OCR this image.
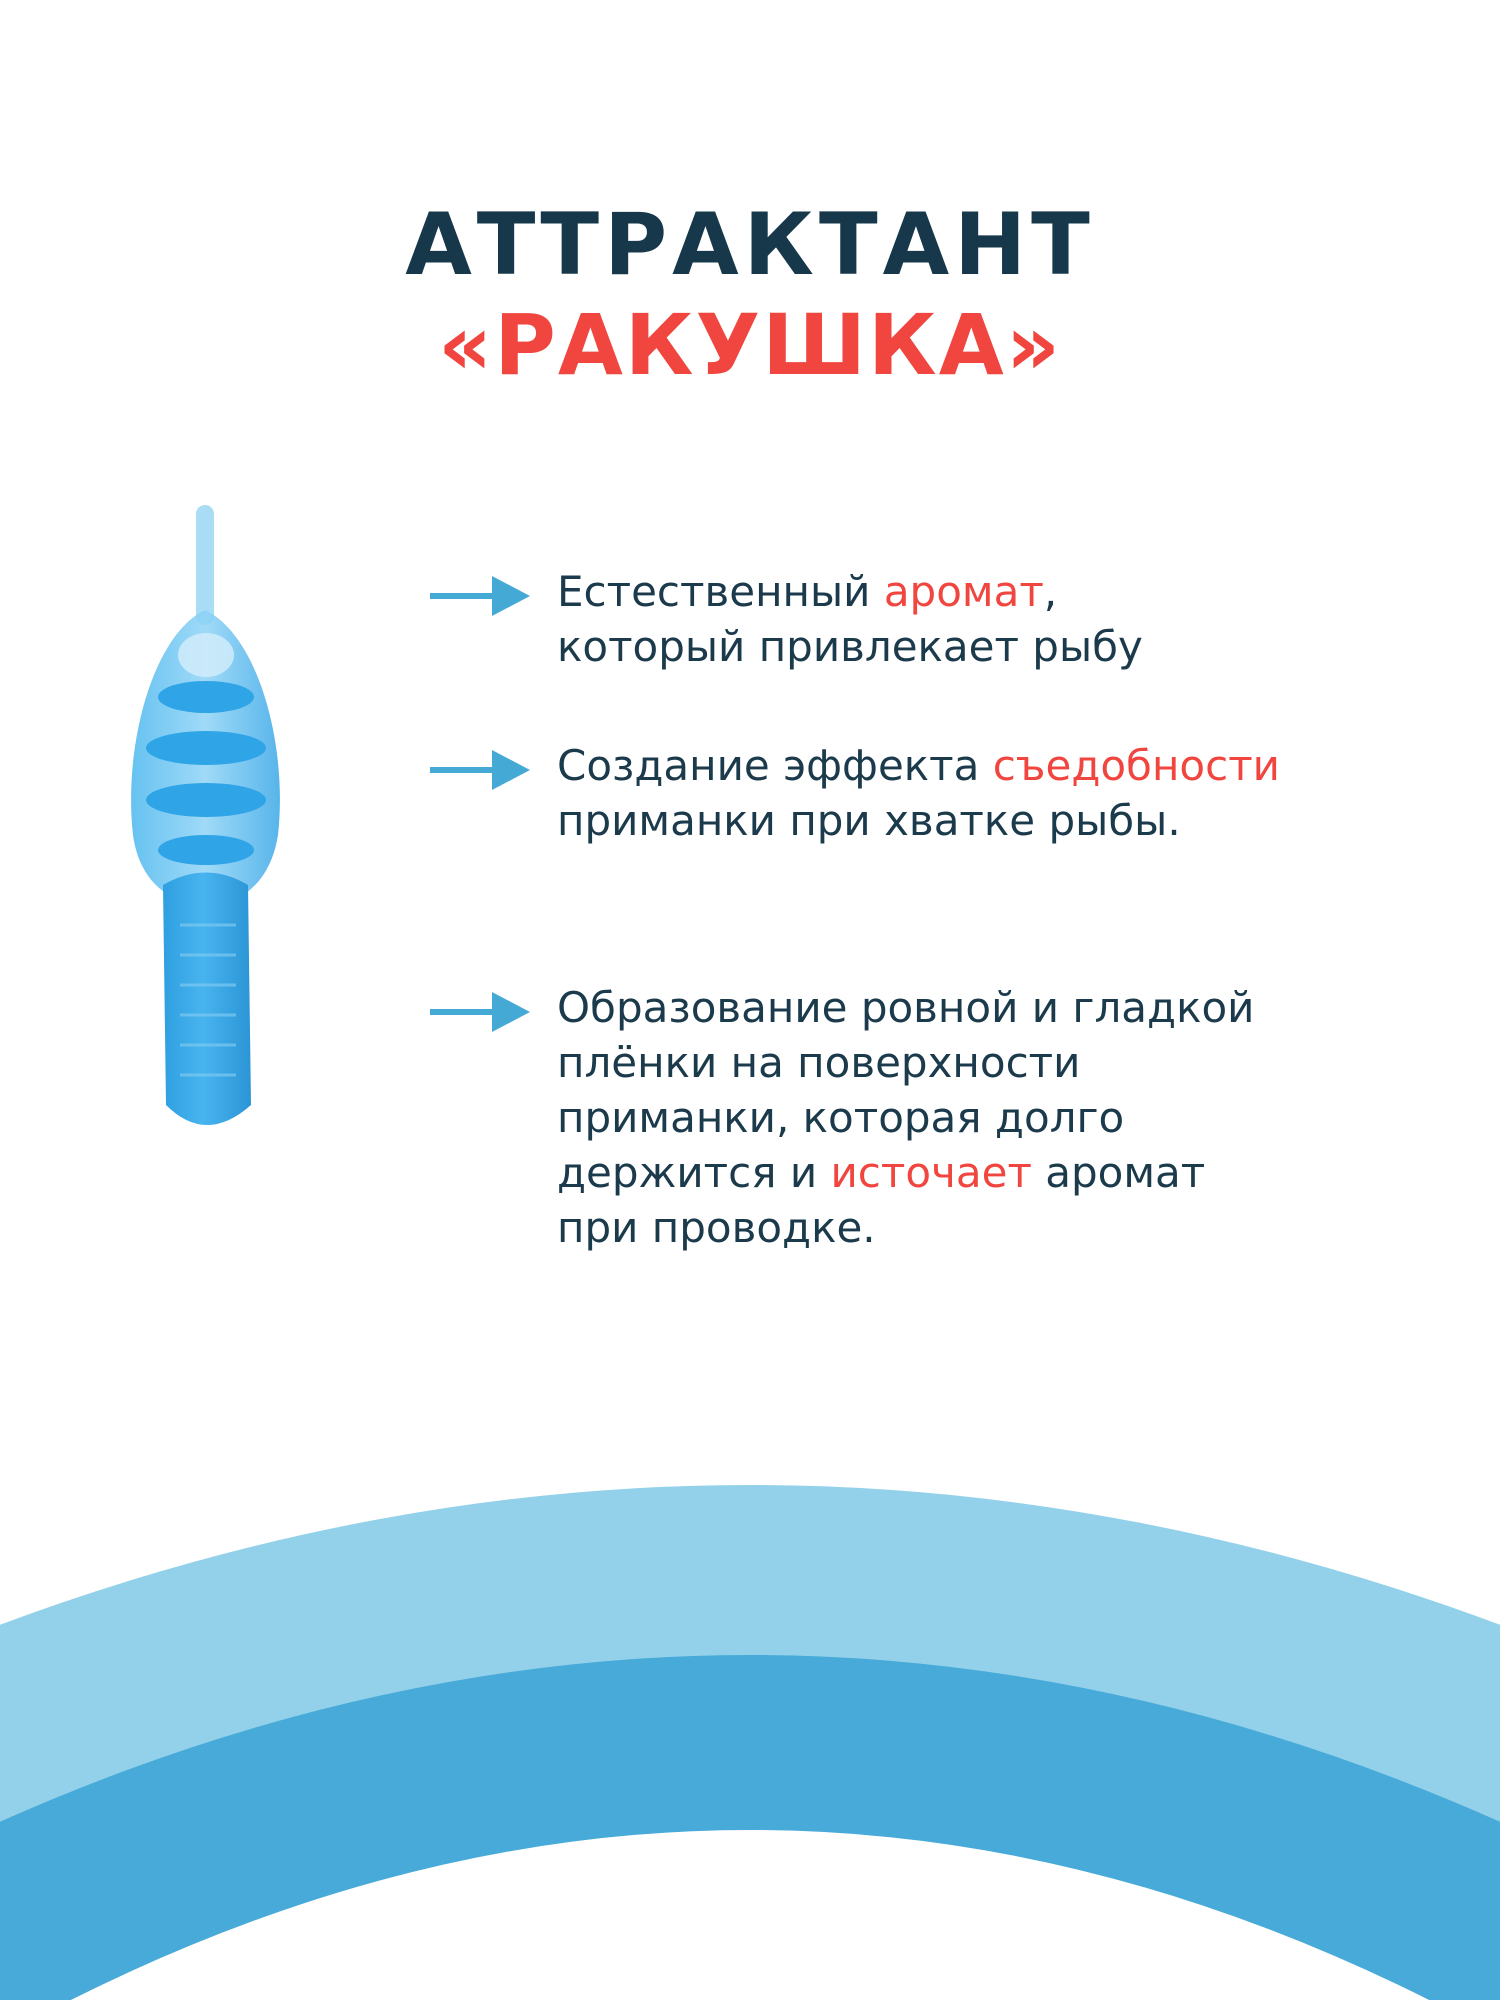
АТТРАКТАНТ
«РАКУШКА»
Естественный аромат,
который привлекает рыбу
Создание эффекта съедобности
приманки при хватке рыбы.
Образование ровной и гладкой
плёнки на поверхности
приманки, которая долго
держится и источает аромат
при проводке.
